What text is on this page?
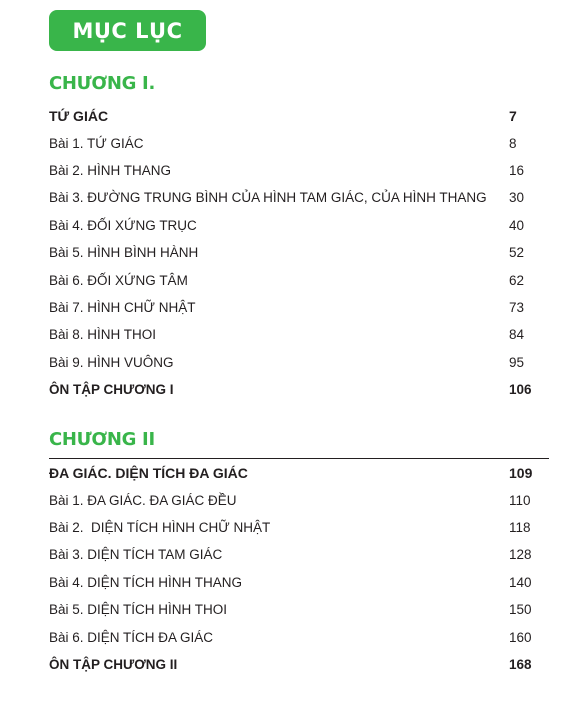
MỤC LỤC
CHƯƠNG I.
TỨ GIÁC	7
Bài 1. TỨ GIÁC	8
Bài 2. HÌNH THANG	16
Bài 3. ĐƯỜNG TRUNG BÌNH CỦA HÌNH TAM GIÁC, CỦA HÌNH THANG 30
Bài 4. ĐỐI XỨNG TRỤC	40
Bài 5. HÌNH BÌNH HÀNH	52
Bài 6. ĐỐI XỨNG TÂM	62
Bài 7. HÌNH CHỮ NHẬT	73
Bài 8. HÌNH THOI	84
Bài 9. HÌNH VUÔNG	95
ÔN TẬP CHƯƠNG I	106
CHƯƠNG II
ĐA GIÁC. DIỆN TÍCH ĐA GIÁC	109
Bài 1. ĐA GIÁC. ĐA GIÁC ĐỀU	110
Bài 2.  DIỆN TÍCH HÌNH CHỮ NHẬT	118
Bài 3. DIỆN TÍCH TAM GIÁC	128
Bài 4. DIỆN TÍCH HÌNH THANG	140
Bài 5. DIỆN TÍCH HÌNH THOI	150
Bài 6. DIỆN TÍCH ĐA GIÁC	160
ÔN TẬP CHƯƠNG II	168
